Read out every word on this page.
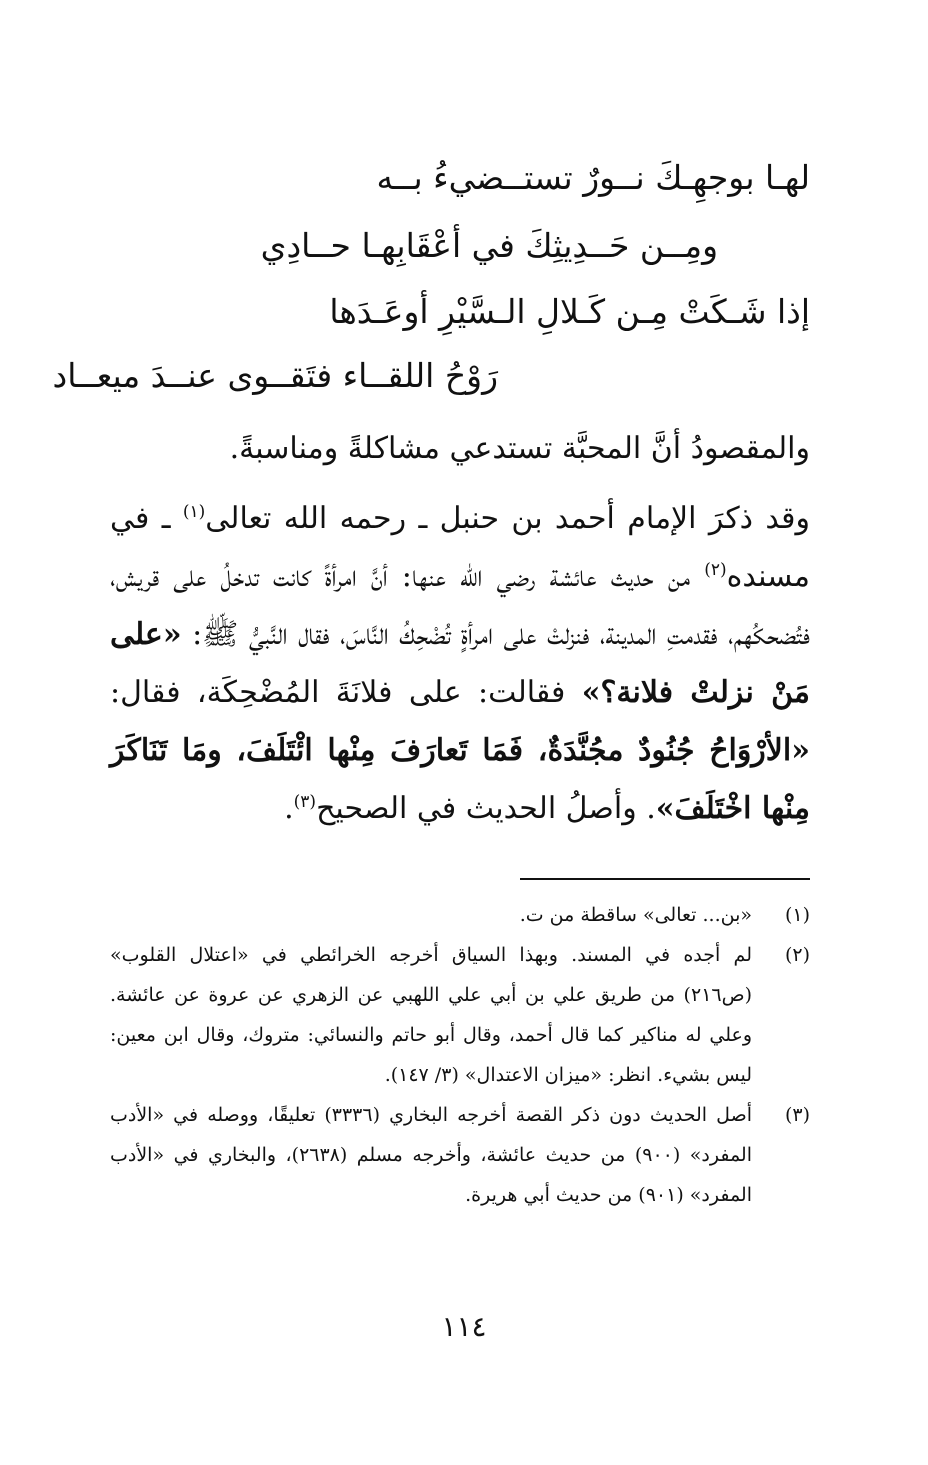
لهـا بوجهِـكَ نــورٌ تستــضيءُ بــه
ومِــن حَــدِيثِكَ في أعْقَابِهـا حــادِي
إذا شَـكَتْ مِـن كَـلالِ الـسَّيْرِ أوعَـدَها
رَوْحُ اللقــاء فتَقــوى عنــدَ ميعــاد
والمقصودُ أنَّ المحبَّة تستدعي مشاكلةً ومناسبةً.
وقد ذكرَ الإمام أحمد بن حنبل ـ رحمه الله تعالى$^{(١)}$ ـ في مسنده$^{(٢)}$ من حديث عائشة رضي الله عنها: أنَّ امرأةً كانت تدخلُ على قريش، فتُضحكُهم، فقدمتِ المدينة، فنزلتْ على امرأةٍ تُضْحِكُ النَّاسَ، فقال النَّبيُّ ﷺ: «على مَنْ نزلتْ فلانة؟» فقالت: على فلانَةَ المُضْحِكَة، فقال: «الأرْوَاحُ جُنُودٌ مجُنَّدَةٌ، فَمَا تَعارَفَ مِنْها ائْتَلَفَ، ومَا تَنَاكَرَ مِنْها اخْتَلَفَ». وأصلُ الحديث في الصحيح$^{(٣)}$.
(١)
«بن... تعالى» ساقطة من ت.
(٢)
لم أجده في المسند. وبهذا السياق أخرجه الخرائطي في «اعتلال القلوب» (ص٢١٦) من طريق علي بن أبي علي اللهبي عن الزهري عن عروة عن عائشة. وعلي له مناكير كما قال أحمد، وقال أبو حاتم والنسائي: متروك، وقال ابن معين: ليس بشيء. انظر: «ميزان الاعتدال» (٣/ ١٤٧).
(٣)
أصل الحديث دون ذكر القصة أخرجه البخاري (٣٣٣٦) تعليقًا، ووصله في «الأدب المفرد» (٩٠٠) من حديث عائشة، وأخرجه مسلم (٢٦٣٨)، والبخاري في «الأدب المفرد» (٩٠١) من حديث أبي هريرة.
١١٤
